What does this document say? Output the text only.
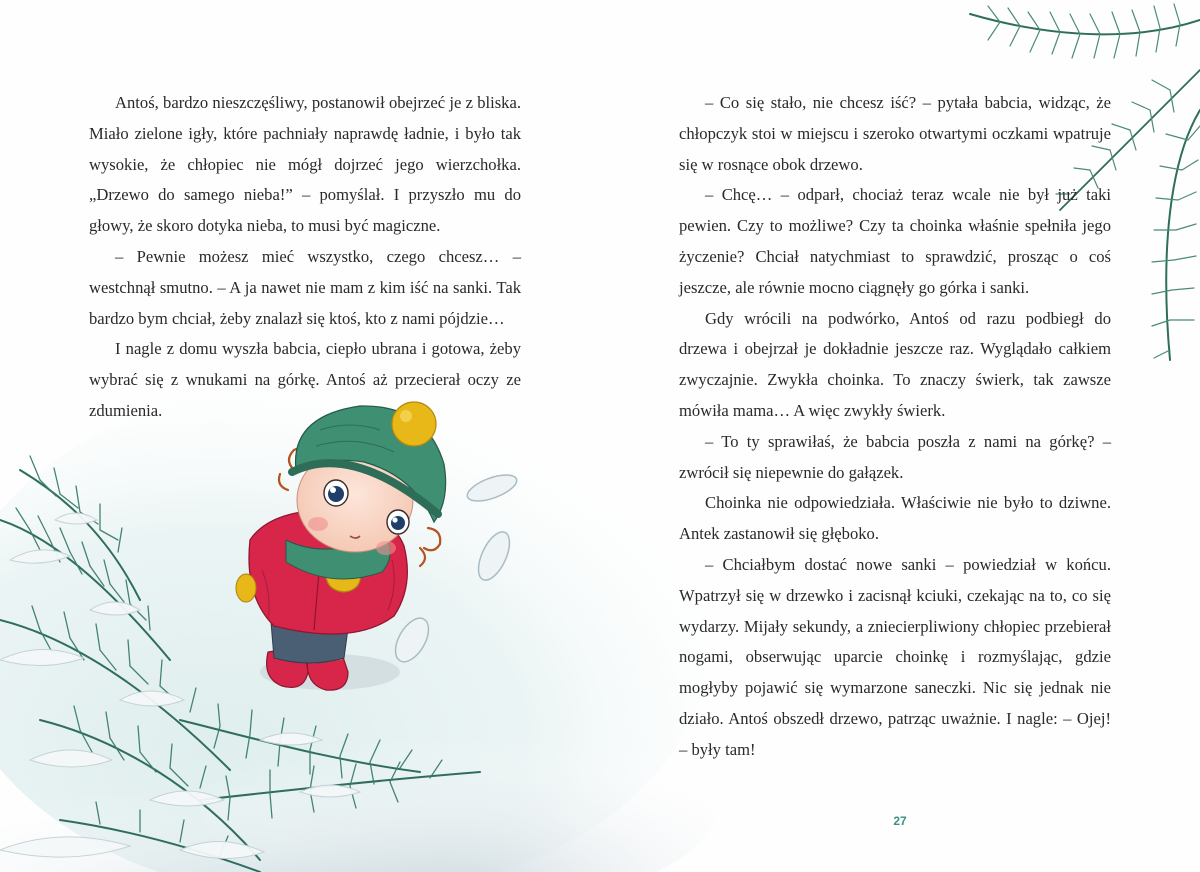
Antoś, bardzo nieszczęśliwy, postanowił obejrzeć je z bliska. Miało zielone igły, które pachniały naprawdę ładnie, i było tak wysokie, że chłopiec nie mógł dojrzeć jego wierzchołka. „Drzewo do samego nieba!” – pomyślał. I przyszło mu do głowy, że skoro dotyka nieba, to musi być magiczne.

– Pewnie możesz mieć wszystko, czego chcesz… – westchnął smutno. – A ja nawet nie mam z kim iść na sanki. Tak bardzo bym chciał, żeby znalazł się ktoś, kto z nami pójdzie…

I nagle z domu wyszła babcia, ciepło ubrana i gotowa, żeby wybrać się z wnukami na górkę. Antoś aż przecierał oczy ze zdumienia.

– Co się stało, nie chcesz iść? – pytała babcia, widząc, że chłopczyk stoi w miejscu i szeroko otwartymi oczkami wpatruje się w rosnące obok drzewo.

– Chcę… – odparł, chociaż teraz wcale nie był już taki pewien. Czy to możliwe? Czy ta choinka właśnie spełniła jego życzenie? Chciał natychmiast to sprawdzić, prosząc o coś jeszcze, ale równie mocno ciągnęły go górka i sanki.

Gdy wrócili na podwórko, Antoś od razu podbiegł do drzewa i obejrzał je dokładnie jeszcze raz. Wyglądało całkiem zwyczajnie. Zwykła choinka. To znaczy świerk, tak zawsze mówiła mama… A więc zwykły świerk.

– To ty sprawiłaś, że babcia poszła z nami na górkę? – zwrócił się niepewnie do gałązek.

Choinka nie odpowiedziała. Właściwie nie było to dziwne. Antek zastanowił się głęboko.

– Chciałbym dostać nowe sanki – powiedział w końcu. Wpatrzył się w drzewko i zacisnął kciuki, czekając na to, co się wydarzy. Mijały sekundy, a zniecierpliwiony chłopiec przebierał nogami, obserwując uparcie choinkę i rozmyślając, gdzie mogłyby pojawić się wymarzone saneczki. Nic się jednak nie działo. Antoś obszedł drzewo, patrząc uważnie. I nagle: – Ojej! – były tam!

27
